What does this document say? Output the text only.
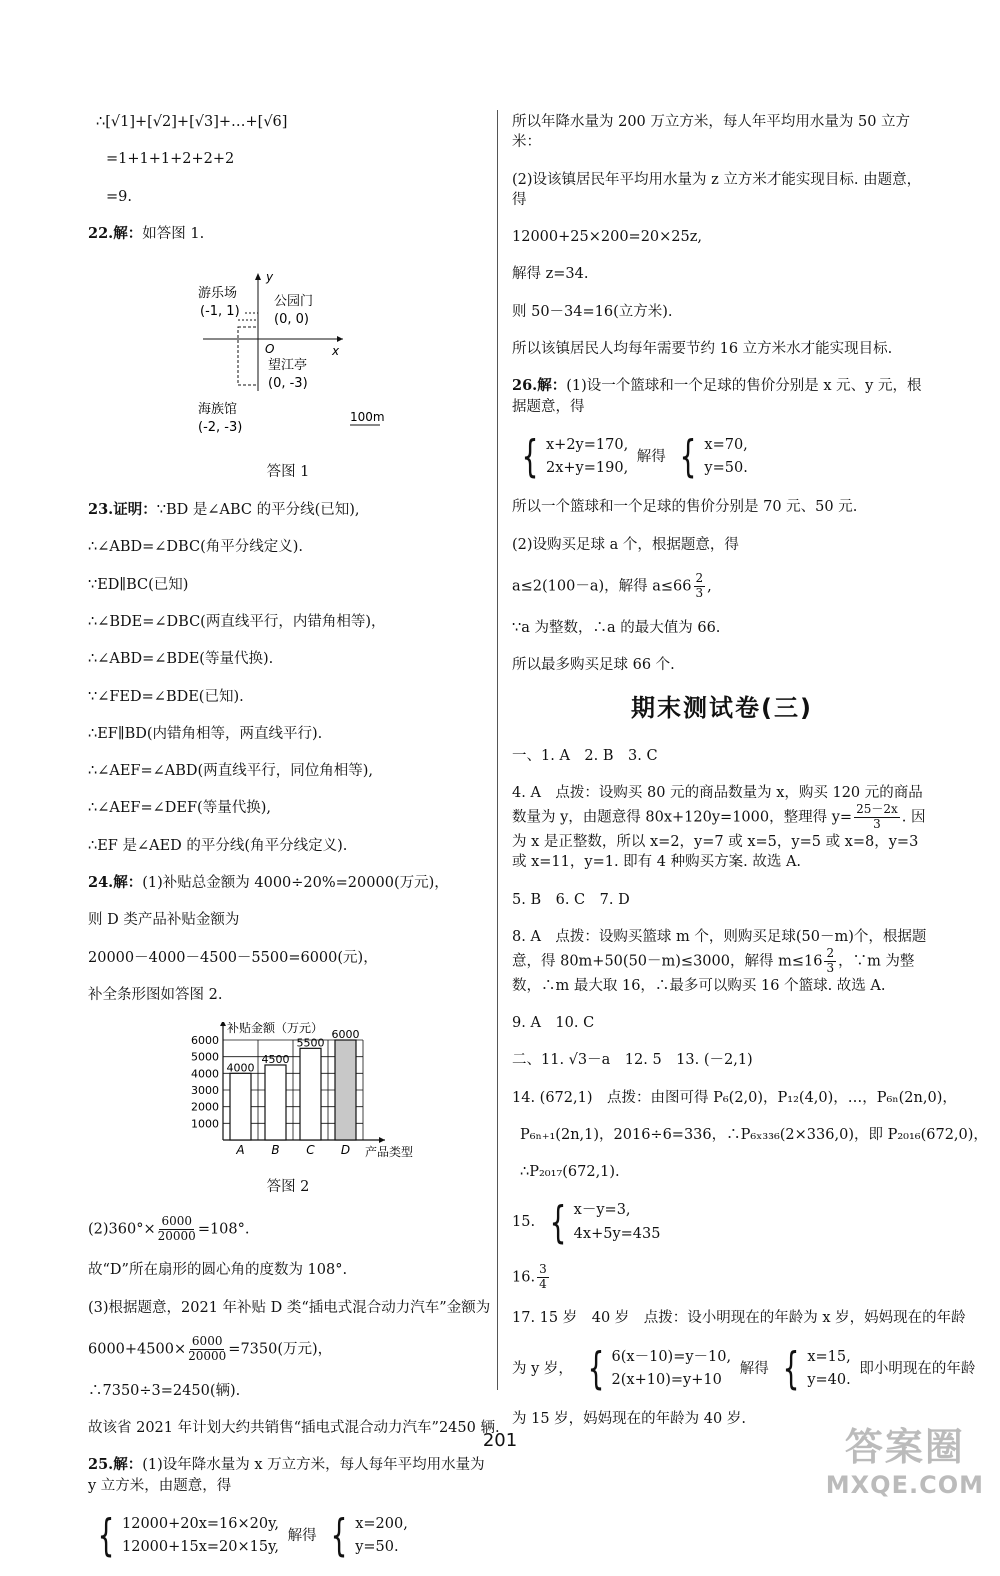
∴[√1]+[√2]+[√3]+…+[√6]
=1+1+1+2+2+2
=9.
22.解：如答图 1.
y
x
O
游乐场
(-1, 1)
公园门
(0, 0)
望江亭
(0, -3)

海族馆
(-2, -3)
100m
答图 1
23.证明：∵BD 是∠ABC 的平分线(已知),
∴∠ABD=∠DBC(角平分线定义).
∵ED∥BC(已知)
∴∠BDE=∠DBC(两直线平行，内错角相等)，
∴∠ABD=∠BDE(等量代换).
∵∠FED=∠BDE(已知).
∴EF∥BD(内错角相等，两直线平行).
∴∠AEF=∠ABD(两直线平行，同位角相等),
∴∠AEF=∠DEF(等量代换),
∴EF 是∠AED 的平分线(角平分线定义).
24.解：(1)补贴总金额为 4000÷20%=20000(万元)，
则 D 类产品补贴金额为
20000－4000－4500－5500=6000(元)，
补全条形图如答图 2.
1000
2000
3000
4000
5000
6000
4000
A
4500
B
5500
C
6000
D
补贴金额（万元）
产品类型
答图 2
$(2)360^\circ\times \frac{6000}{20000} =108^\circ$.
故“D”所在扇形的圆心角的度数为 108°.
(3)根据题意，2021 年补贴 D 类“插电式混合动力汽车”金额为
$6000+4500\times \frac{6000}{20000} =7350$(万元)，
∴7350÷3=2450(辆).
故该省 2021 年计划大约共销售“插电式混合动力汽车”2450 辆.
25.解：(1)设年降水量为 x 万立方米，每人每年平均用水量为 y 立方米，由题意，得
{ 12000+20x=16×20y,
12000+15x=20×15y,
解得 { x=200,
y=50.
所以年降水量为 200 万立方米，每人年平均用水量为 50 立方米：
(2)设该镇居民年平均用水量为 z 立方米才能实现目标. 由题意，得
12000+25×200=20×25z,
解得 z=34.
则 50－34=16(立方米).
所以该镇居民人均每年需要节约 16 立方米水才能实现目标.
26.解：(1)设一个篮球和一个足球的售价分别是 x 元、y 元，根据题意，得
{ x+2y=170,
2x+y=190,
解得 { x=70,
y=50.
所以一个篮球和一个足球的售价分别是 70 元、50 元.
(2)设购买足球 a 个，根据题意，得
a≤2(100－a)，解得 $a\le 66 \frac{2}{3}$ ,
∵a 为整数，∴a 的最大值为 66.
所以最多购买足球 66 个.
期末测试卷(三)
一、1. A　2. B　3. C
4. A　点拨：设购买 80 元的商品数量为 x，购买 120 元的商品数量为 y，由题意得 80x+120y=1000，整理得 $y= \frac{25-2x}{3}$ . 因为 x 是正整数，所以 x=2，y=7 或 x=5，y=5 或 x=8，y=3 或 x=11，y=1. 即有 4 种购买方案. 故选 A.
5. B　6. C　7. D
8. A　点拨：设购买篮球 m 个，则购买足球(50－m)个，根据题意，得 80m+50(50－m)≤3000，解得 $m\le 16 \frac{2}{3}$ ，∵m 为整数，∴m 最大取 16，∴最多可以购买 16 个篮球. 故选 A.
9. A　10. C
二、11. √3－a　12. 5　13. (－2,1)
14. (672,1)　点拨：由图可得 P₆(2,0)，P₁₂(4,0)，…，P₆ₙ(2n,0)，
P₆ₙ₊₁(2n,1)，2016÷6=336，∴P₆ₓ₃₃₆(2×336,0)，即 P₂₀₁₆(672,0)，
∴P₂₀₁₇(672,1).
15. { x－y=3,
4x+5y=435
16. $\frac{3}{4}$
17. 15 岁　40 岁　点拨：设小明现在的年龄为 x 岁，妈妈现在的年龄
为 y 岁， { 6(x－10)=y－10,
2(x+10)=y+10
解得 { x=15,
y=40.
即小明现在的年龄
为 15 岁，妈妈现在的年龄为 40 岁.
201	答案圈
MXQE.COM
